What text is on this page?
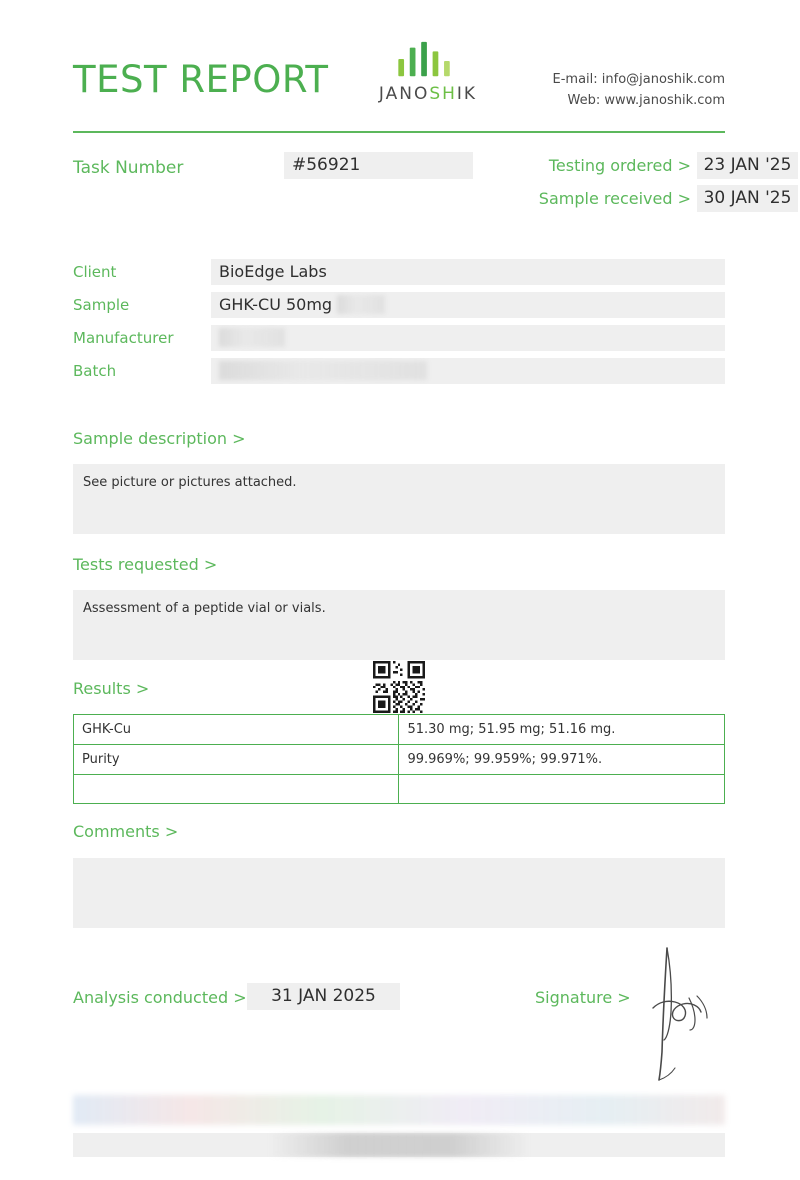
TEST REPORT	JANOSHIK
E-mail: info@janoshik.com
Web: www.janoshik.com
Task Number	#56921	Testing ordered > 23 JAN '25
Sample received > 30 JAN '25
Client	BioEdge Labs
Sample	GHK-CU 50mg
Manufacturer
Batch
Sample description >
See picture or pictures attached.
Tests requested >
Assessment of a peptide vial or vials.
Results >
GHK-Cu	51.30 mg; 51.95 mg; 51.16 mg.
Purity	99.969%; 99.959%; 99.971%.

Comments >
Analysis conducted >	31 JAN 2025	Signature >
